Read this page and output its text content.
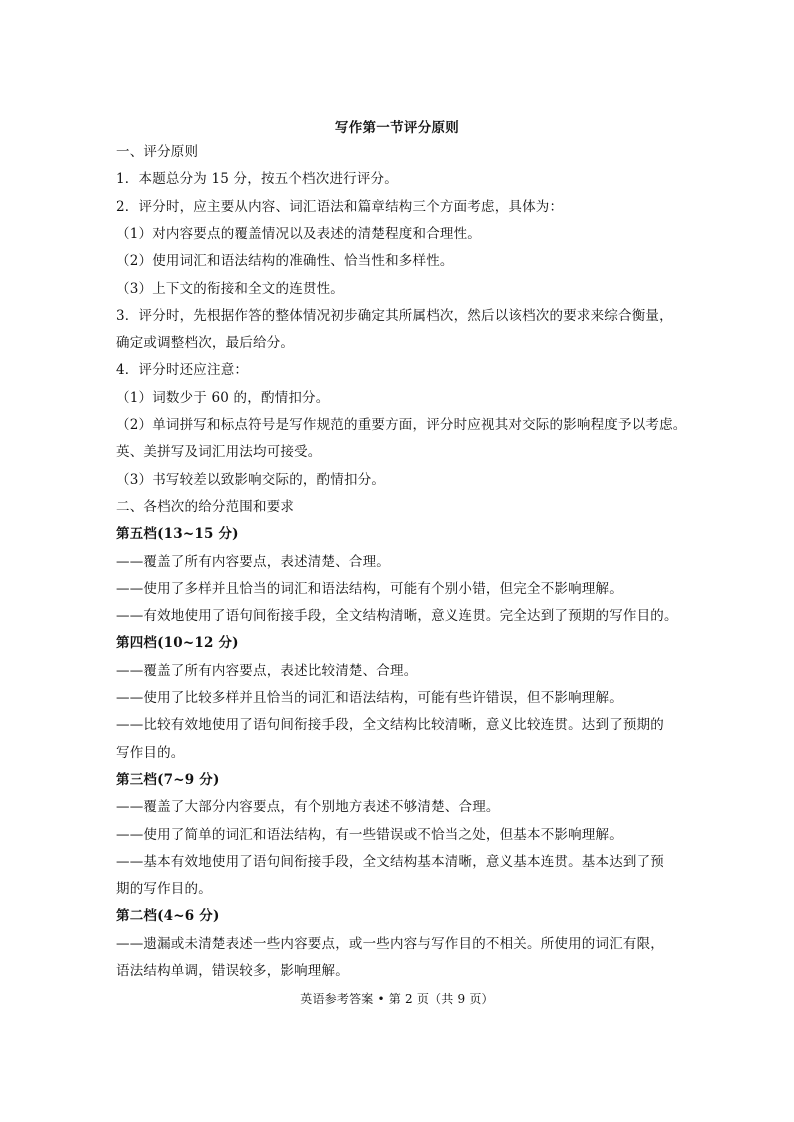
写作第一节评分原则
一、评分原则
1．本题总分为 15 分，按五个档次进行评分。
2．评分时，应主要从内容、词汇语法和篇章结构三个方面考虑，具体为：
（1）对内容要点的覆盖情况以及表述的清楚程度和合理性。
（2）使用词汇和语法结构的准确性、恰当性和多样性。
（3）上下文的衔接和全文的连贯性。
3．评分时，先根据作答的整体情况初步确定其所属档次，然后以该档次的要求来综合衡量，
确定或调整档次，最后给分。
4．评分时还应注意：
（1）词数少于 60 的，酌情扣分。
（2）单词拼写和标点符号是写作规范的重要方面，评分时应视其对交际的影响程度予以考虑。
英、美拼写及词汇用法均可接受。
（3）书写较差以致影响交际的，酌情扣分。
二、各档次的给分范围和要求
第五档(13~15 分)
——覆盖了所有内容要点，表述清楚、合理。
——使用了多样并且恰当的词汇和语法结构，可能有个别小错，但完全不影响理解。
——有效地使用了语句间衔接手段，全文结构清晰，意义连贯。完全达到了预期的写作目的。
第四档(10~12 分)
——覆盖了所有内容要点，表述比较清楚、合理。
——使用了比较多样并且恰当的词汇和语法结构，可能有些许错误，但不影响理解。
——比较有效地使用了语句间衔接手段，全文结构比较清晰，意义比较连贯。达到了预期的
写作目的。
第三档(7~9 分)
——覆盖了大部分内容要点，有个别地方表述不够清楚、合理。
——使用了简单的词汇和语法结构，有一些错误或不恰当之处，但基本不影响理解。
——基本有效地使用了语句间衔接手段，全文结构基本清晰，意义基本连贯。基本达到了预
期的写作目的。
第二档(4~6 分)
——遗漏或未清楚表述一些内容要点，或一些内容与写作目的不相关。所使用的词汇有限，
语法结构单调，错误较多，影响理解。
英语参考答案 • 第 2 页（共 9 页）
